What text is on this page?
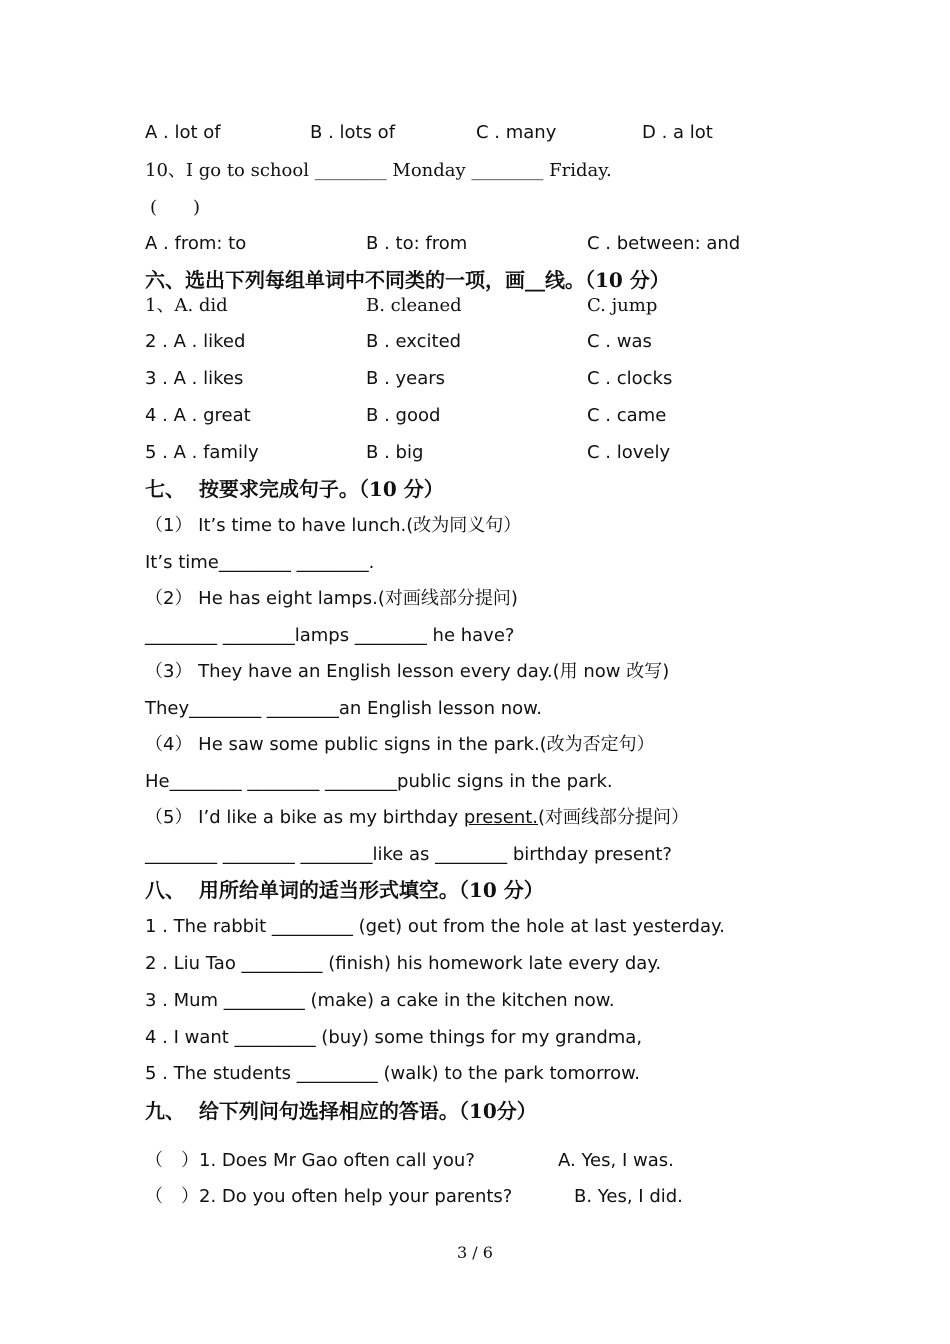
A . lot of	B . lots of	C . many	D . a lot
10、I go to school ________ Monday ________ Friday.
(　　)
A . from: to	B . to: from	C . between: and
六、选出下列每组单词中不同类的一项，画__线。（10 分）
1、A. did	B. cleaned	C. jump
2 . A . liked	B . excited	C . was
3 . A . likes	B . years	C . clocks
4 . A . great	B . good	C . came
5 . A . family	B . big	C . lovely
七、  按要求完成句子。（10 分）
（1） It’s time to have lunch.(改为同义句）
It’s time________ ________.
（2） He has eight lamps.(对画线部分提问)
________ ________lamps ________ he have?
（3） They have an English lesson every day.(用 now 改写)
They________ ________an English lesson now.
（4） He saw some public signs in the park.(改为否定句）
He________ ________ ________public signs in the park.
（5） I’d like a bike as my birthday present.(对画线部分提问）
________ ________ ________like as ________ birthday present?
八、  用所给单词的适当形式填空。（10 分）
1 . The rabbit _________ (get) out from the hole at last yesterday.
2 . Liu Tao _________ (finish) his homework late every day.
3 . Mum _________ (make) a cake in the kitchen now.
4 . I want _________ (buy) some things for my grandma,
5 . The students _________ (walk) to the park tomorrow.
九、  给下列问句选择相应的答语。（10分）
（　）1. Does Mr Gao often call you?	A. Yes, I was.
（　）2. Do you often help your parents?	B. Yes, I did.
3 / 6
